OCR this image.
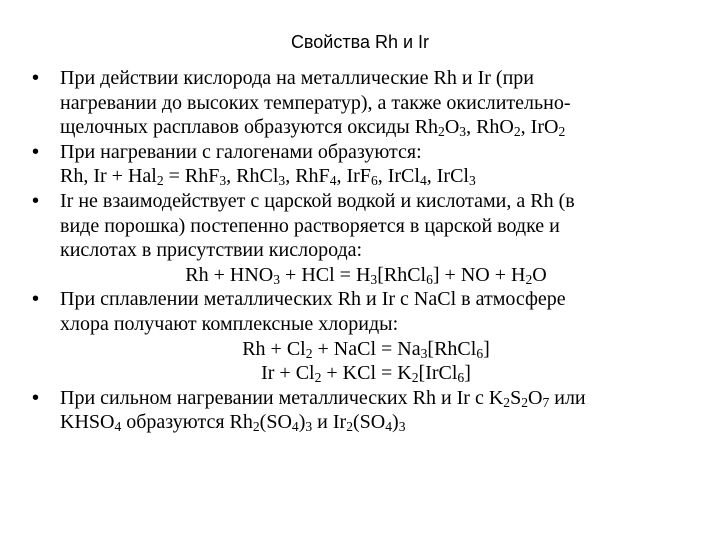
Свойства Rh и Ir
• При действии кислорода на металлические Rh и Ir (при
нагревании до высоких температур), а также окислительно-
щелочных расплавов образуются оксиды $Rh_2O_3$, RhO$_2$, IrO$_2$
• При нагревании с галогенами образуются:
Rh, Ir + Hal$_2$ = RhF$_3$, RhCl$_3$, RhF$_4$, IrF$_6$, IrCl$_4$, IrCl$_3$
• Ir не взаимодействует с царской водкой и кислотами, а Rh (в
виде порошка) постепенно растворяется в царской водке и
кислотах в присутствии кислорода:
$Rh + HNO_3$ + HCl = $H_3[RhCl_6]$ + NO + $H_2O$
• При сплавлении металлических Rh и Ir с NaCl в атмосфере
хлора получают комплексные хлориды:
$Rh + Cl_2$ + NaCl = $Na_3[RhCl_6]$
$Ir + Cl_2$ + KCl = $K_2[IrCl_6]$
• При сильном нагревании металлических Rh и Ir с $K_2S_2O_7$ или
$KHSO_4$ образуются $Rh_2(SO_4)_3$ и $Ir_2(SO_4)_3$
